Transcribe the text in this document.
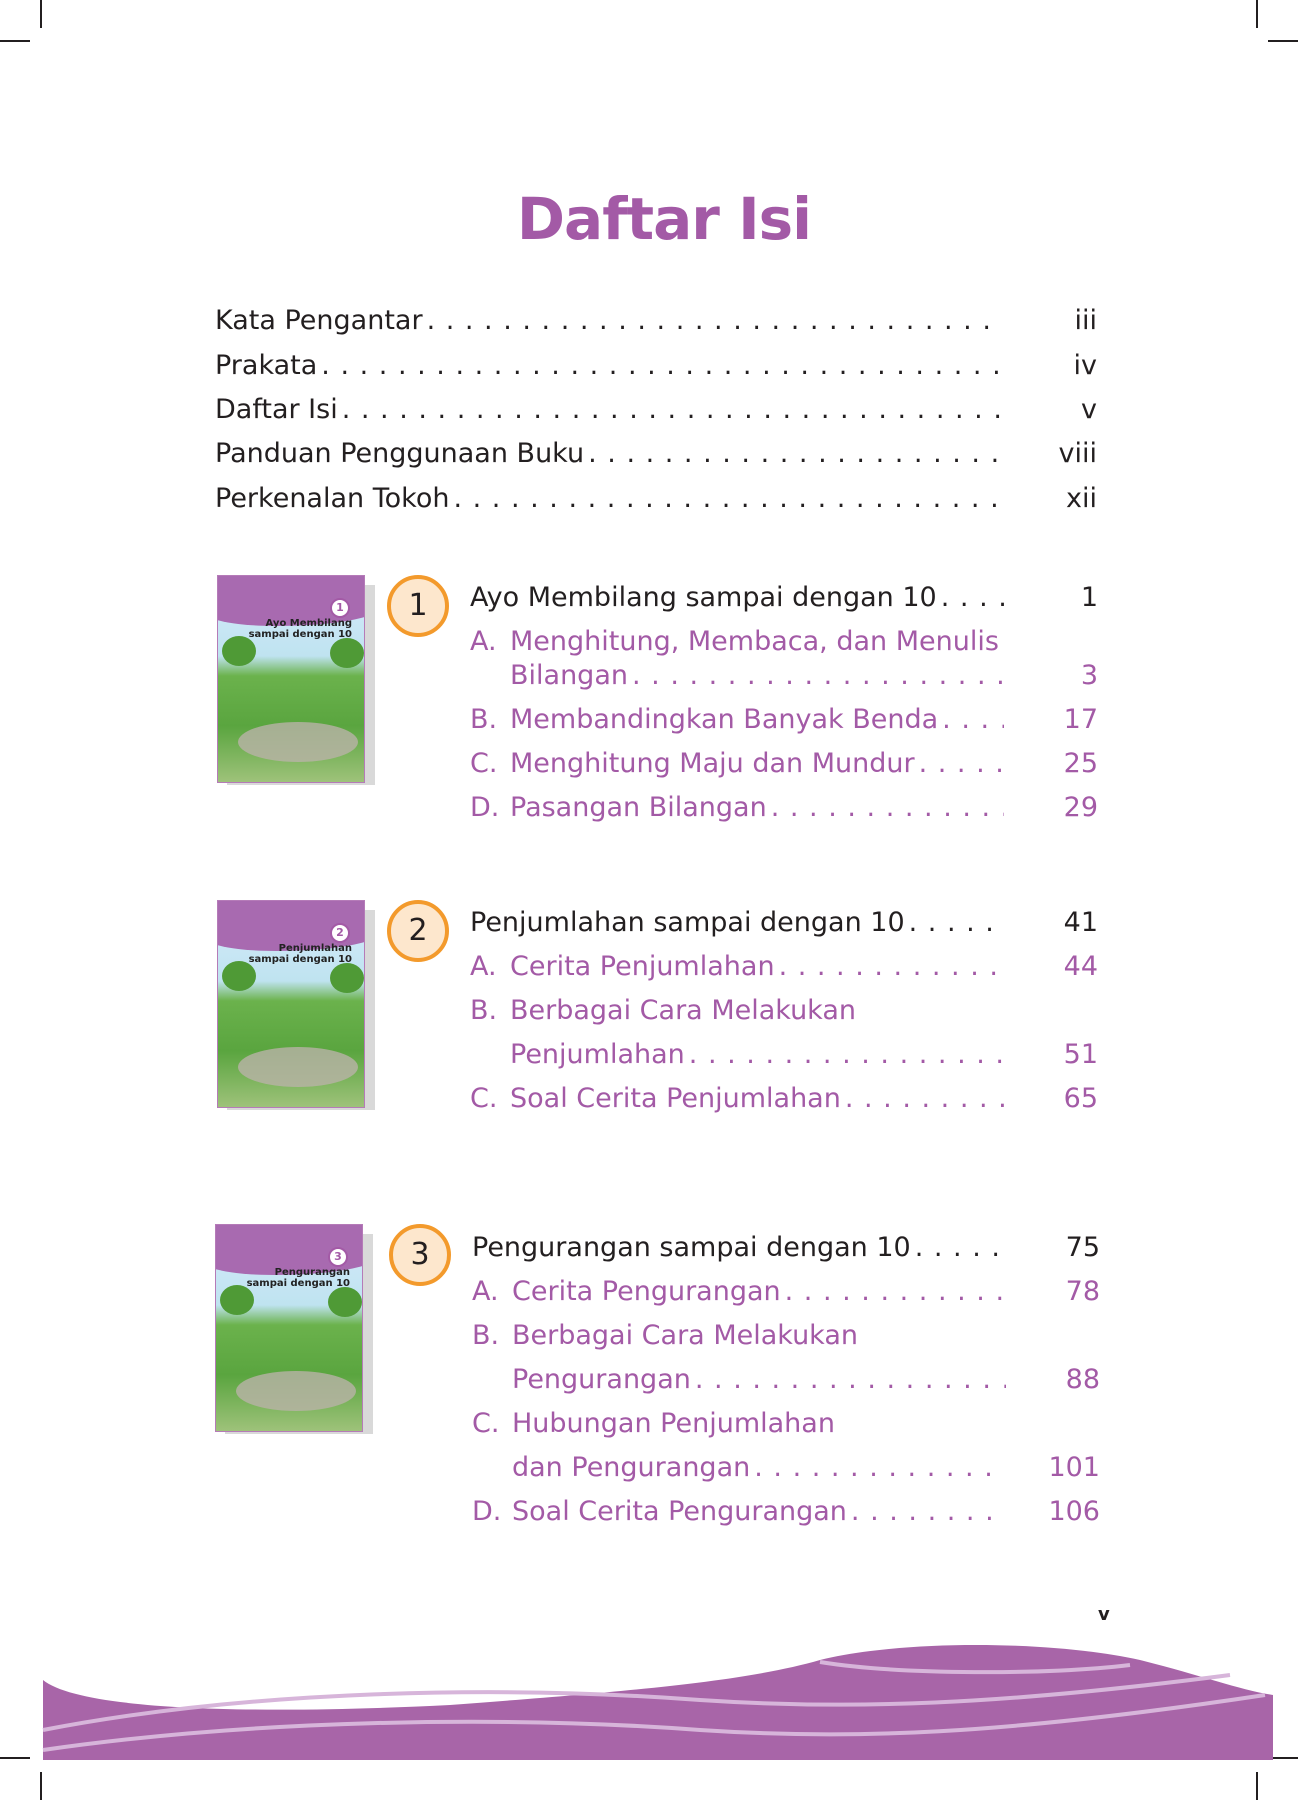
Daftar Isi
Kata Pengantar . . .	iii
Prakata . . .	iv
Daftar Isi . . .	v
Panduan Penggunaan Buku . . .	viii
Perkenalan Tokoh . . .	xii
1
Ayo Membilang sampai dengan 10
1	Ayo Membilang sampai dengan 10 . . .	1
A. Menghitung, Membaca, dan Menulis
Bilangan . . .	3
B. Membandingkan Banyak Benda . . .	17
C. Menghitung Maju dan Mundur . . .	25
D. Pasangan Bilangan . . .	29
2
Penjumlahan sampai dengan 10
2	Penjumlahan sampai dengan 10 . . .	41
A. Cerita Penjumlahan . . .	44
B. Berbagai Cara Melakukan
Penjumlahan . . .	51
C. Soal Cerita Penjumlahan . . .	65
3
Pengurangan sampai dengan 10
3	Pengurangan sampai dengan 10 . . .	75
A. Cerita Pengurangan . . .	78
B. Berbagai Cara Melakukan
Pengurangan . . .	88
C. Hubungan Penjumlahan
dan Pengurangan . . .	101
D. Soal Cerita Pengurangan . . .	106
v
